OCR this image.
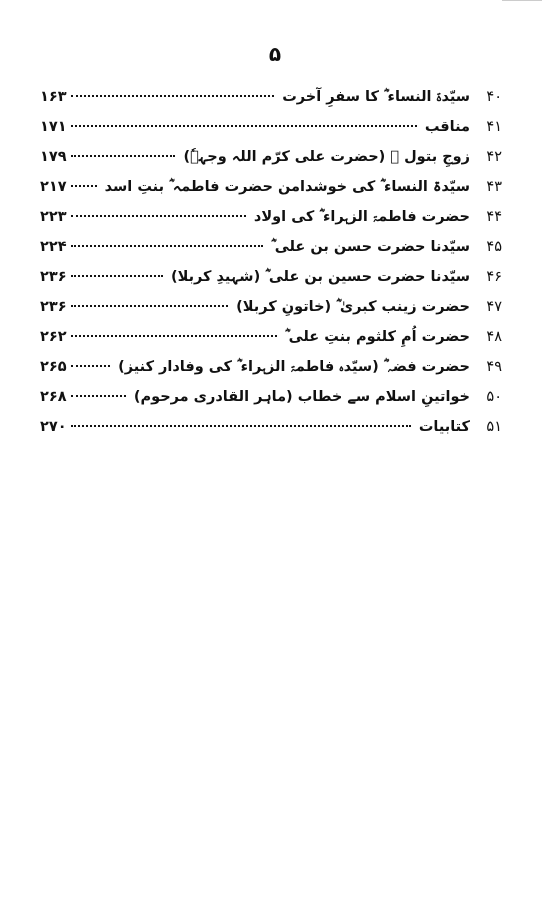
۵
۴۰
سیّدۃ النساء ؓ کا سفرِ آخرت
۱۶۳
۴۱
مناقب
۱۷۱
۴۲
زوجِ بتول ؓ (حضرت علی کرّم اللہ وجہہٗ)
۱۷۹
۴۳
سیّدۃ النساء ؓ کی خوشدامن حضرت فاطمہ ؓ بنتِ اسد
۲۱۷
۴۴
حضرت فاطمۃ الزہراء ؓ کی اولاد
۲۲۳
۴۵
سیّدنا حضرت حسن بن علی ؓ
۲۲۴
۴۶
سیّدنا حضرت حسین بن علی ؓ (شہیدِ کربلا)
۲۳۶
۴۷
حضرت زینب کبریٰ ؓ (خاتونِ کربلا)
۲۳۶
۴۸
حضرت اُمِ کلثوم بنتِ علی ؓ
۲۶۲
۴۹
حضرت فضہ ؓ (سیّدہ فاطمۃ الزہراء ؓ کی وفادار کنیز)
۲۶۵
۵۰
خواتینِ اسلام سے خطاب (ماہر القادری مرحوم)
۲۶۸
۵۱
کتابیات
۲۷۰
